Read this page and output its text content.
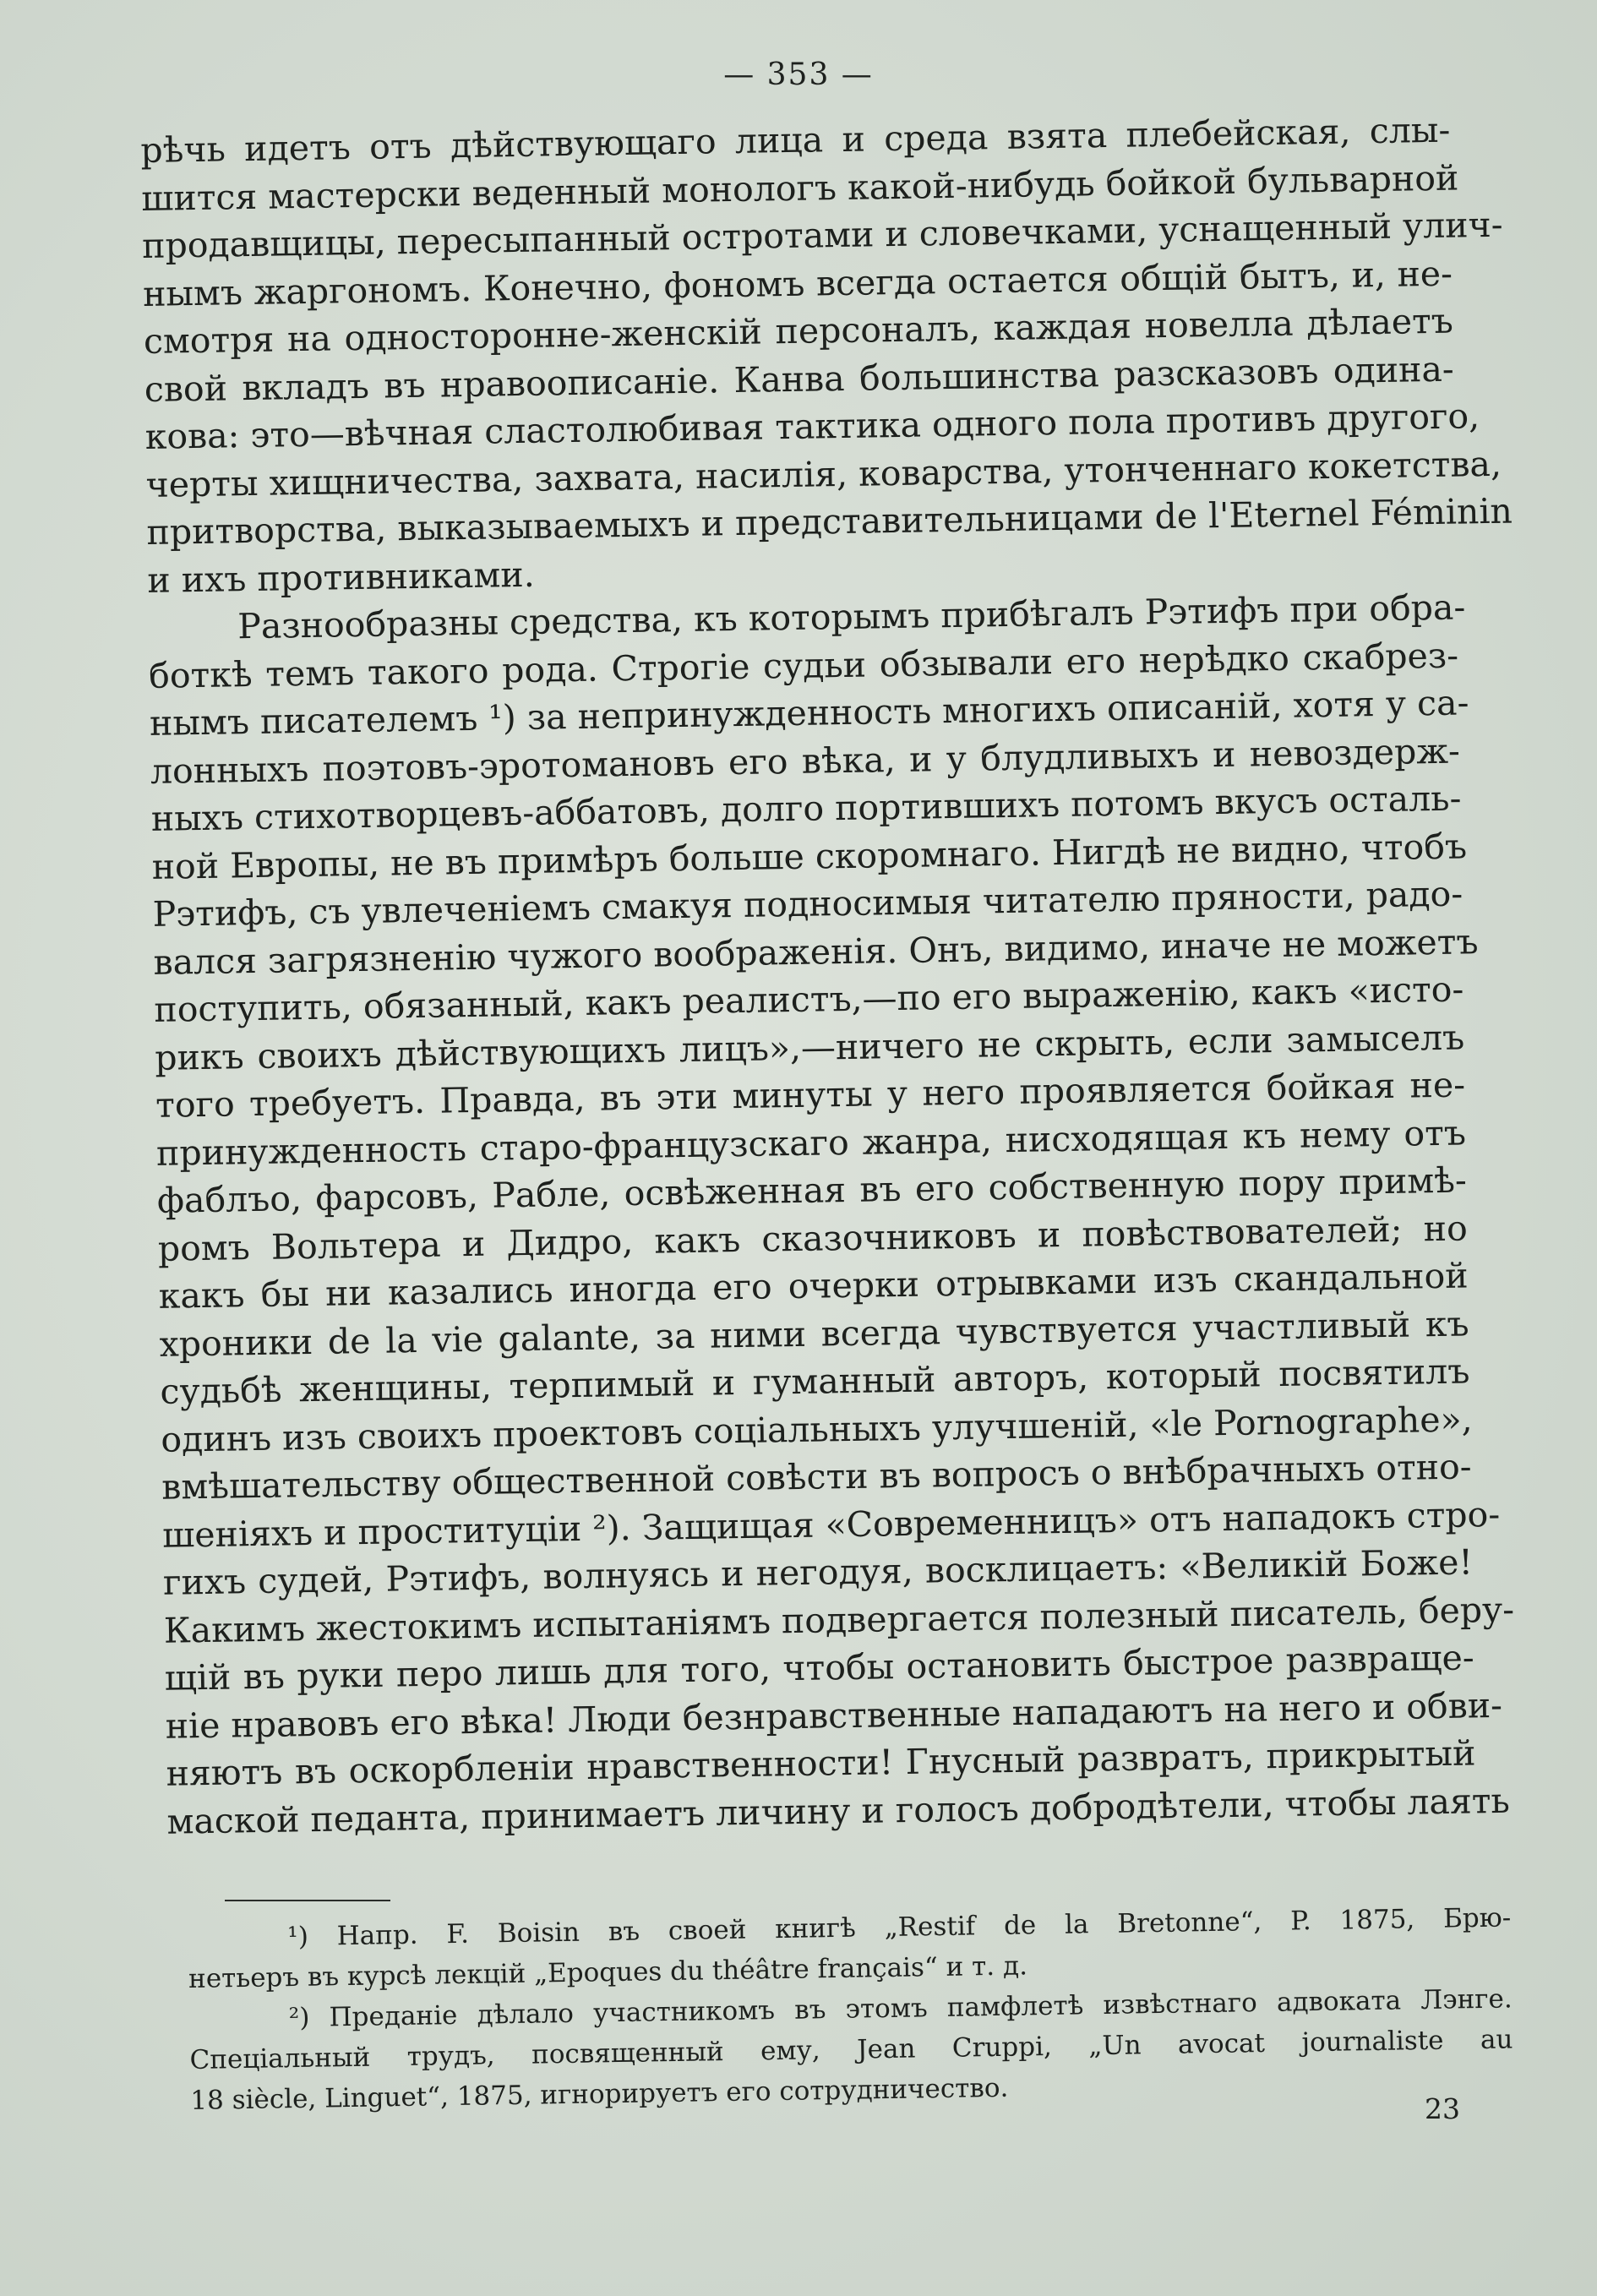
— 353 —
рѣчь идетъ отъ дѣйствующаго лица и среда взята плебейская, слы-
шится мастерски веденный монологъ какой-нибудь бойкой бульварной
продавщицы, пересыпанный остротами и словечками, уснащенный улич-
нымъ жаргономъ. Конечно, фономъ всегда остается общій бытъ, и, не-
смотря на односторонне-женскій персоналъ, каждая новелла дѣлаетъ
свой вкладъ въ нравоописаніе. Канва большинства разсказовъ одина-
кова: это—вѣчная сластолюбивая тактика одного пола противъ другого,
черты хищничества, захвата, насилія, коварства, утонченнаго кокетства,
притворства, выказываемыхъ и представительницами de l'Eternel Féminin
и ихъ противниками.
Разнообразны средства, къ которымъ прибѣгалъ Рэтифъ при обра-
боткѣ темъ такого рода. Строгіе судьи обзывали его нерѣдко скабрез-
нымъ писателемъ ¹) за непринужденность многихъ описаній, хотя у са-
лонныхъ поэтовъ-эротомановъ его вѣка, и у блудливыхъ и невоздерж-
ныхъ стихотворцевъ-аббатовъ, долго портившихъ потомъ вкусъ осталь-
ной Европы, не въ примѣръ больше скоромнаго. Нигдѣ не видно, чтобъ
Рэтифъ, съ увлеченіемъ смакуя подносимыя читателю пряности, радо-
вался загрязненію чужого воображенія. Онъ, видимо, иначе не можетъ
поступить, обязанный, какъ реалистъ,—по его выраженію, какъ «исто-
рикъ своихъ дѣйствующихъ лицъ»,—ничего не скрыть, если замыселъ
того требуетъ. Правда, въ эти минуты у него проявляется бойкая не-
принужденность старо-французскаго жанра, нисходящая къ нему отъ
фаблъо, фарсовъ, Рабле, освѣженная въ его собственную пору примѣ-
ромъ Вольтера и Дидро, какъ сказочниковъ и повѣствователей; но
какъ бы ни казались иногда его очерки отрывками изъ скандальной
хроники de la vie galante, за ними всегда чувствуется участливый къ
судьбѣ женщины, терпимый и гуманный авторъ, который посвятилъ
одинъ изъ своихъ проектовъ соціальныхъ улучшеній, «le Pornographe»,
вмѣшательству общественной совѣсти въ вопросъ о внѣбрачныхъ отно-
шеніяхъ и проституціи ²). Защищая «Современницъ» отъ нападокъ стро-
гихъ судей, Рэтифъ, волнуясь и негодуя, восклицаетъ: «Великій Боже!
Какимъ жестокимъ испытаніямъ подвергается полезный писатель, беру-
щій въ руки перо лишь для того, чтобы остановить быстрое развраще-
ніе нравовъ его вѣка! Люди безнравственные нападаютъ на него и обви-
няютъ въ оскорбленіи нравственности! Гнусный развратъ, прикрытый
маской педанта, принимаетъ личину и голосъ добродѣтели, чтобы лаять
¹) Напр. F. Boisin въ своей книгѣ „Restif de la Bretonne“, P. 1875, Брю-
нетьеръ въ курсѣ лекцій „Epoques du théâtre français“ и т. д.
²) Преданіе дѣлало участникомъ въ этомъ памфлетѣ извѣстнаго адвоката Лэнге.
Спеціальный трудъ, посвященный ему, Jean Cruppi, „Un avocat journaliste au
18 siècle, Linguet“, 1875, игнорируетъ его сотрудничество.	23
